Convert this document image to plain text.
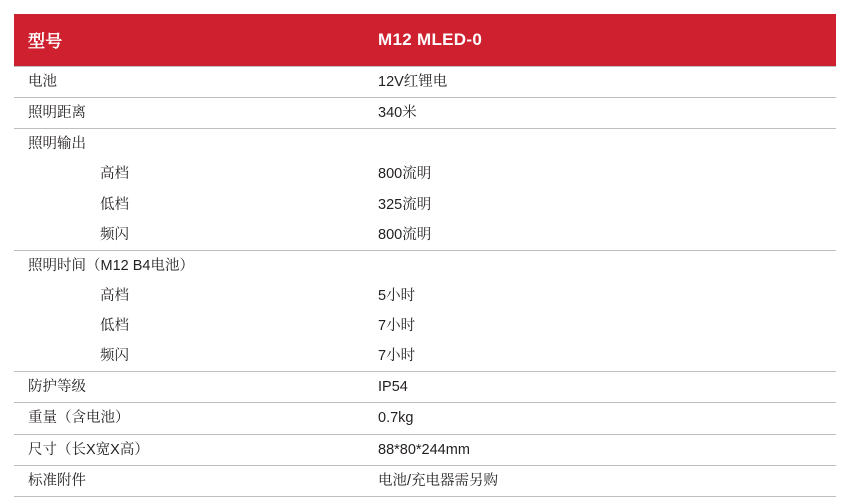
型号	M12 MLED-0
电池	12V红锂电
照明距离	340米
照明输出	
高档	800流明
低档	325流明
频闪	800流明
照明时间（M12 B4电池）	
高档	5小时
低档	7小时
频闪	7小时
防护等级	IP54
重量（含电池）	0.7kg
尺寸（长X宽X高）	88*80*244mm
标准附件	电池/充电器需另购
